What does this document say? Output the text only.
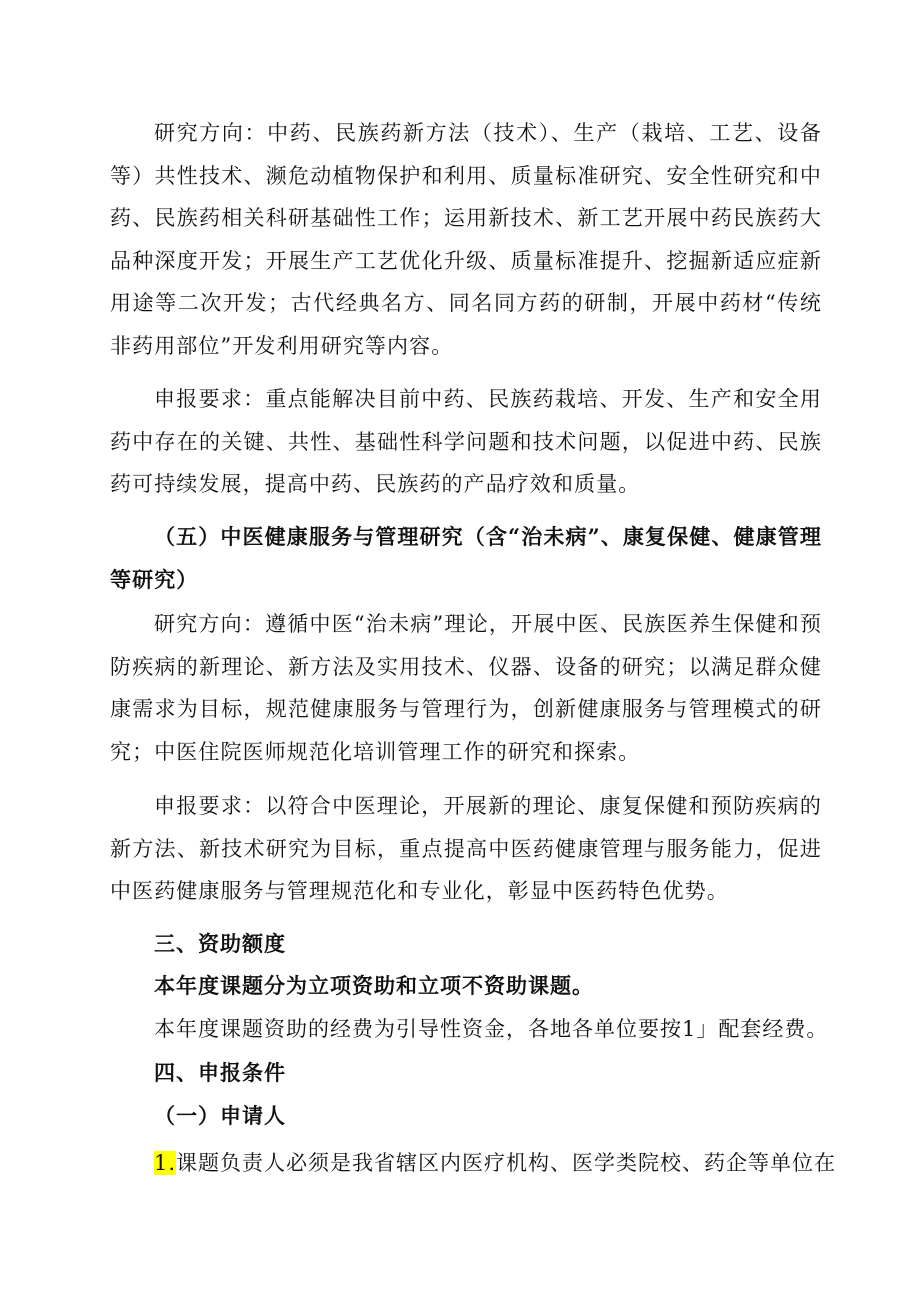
研究方向：中药、民族药新方法（技术）、生产（栽培、工艺、设备等）共性技术、濒危动植物保护和利用、质量标准研究、安全性研究和中药、民族药相关科研基础性工作；运用新技术、新工艺开展中药民族药大品种深度开发；开展生产工艺优化升级、质量标准提升、挖掘新适应症新用途等二次开发；古代经典名方、同名同方药的研制，开展中药材“传统非药用部位”开发利用研究等内容。

申报要求：重点能解决目前中药、民族药栽培、开发、生产和安全用药中存在的关键、共性、基础性科学问题和技术问题，以促进中药、民族药可持续发展，提高中药、民族药的产品疗效和质量。

（五）中医健康服务与管理研究（含“治未病”、康复保健、健康管理等研究）

研究方向：遵循中医“治未病”理论，开展中医、民族医养生保健和预防疾病的新理论、新方法及实用技术、仪器、设备的研究；以满足群众健康需求为目标，规范健康服务与管理行为，创新健康服务与管理模式的研究；中医住院医师规范化培训管理工作的研究和探索。

申报要求：以符合中医理论，开展新的理论、康复保健和预防疾病的新方法、新技术研究为目标，重点提高中医药健康管理与服务能力，促进中医药健康服务与管理规范化和专业化，彰显中医药特色优势。

三、资助额度

本年度课题分为立项资助和立项不资助课题。

本年度课题资助的经费为引导性资金，各地各单位要按1」配套经费。

四、申报条件

（一）申请人

1.课题负责人必须是我省辖区内医疗机构、医学类院校、药企等单位在
